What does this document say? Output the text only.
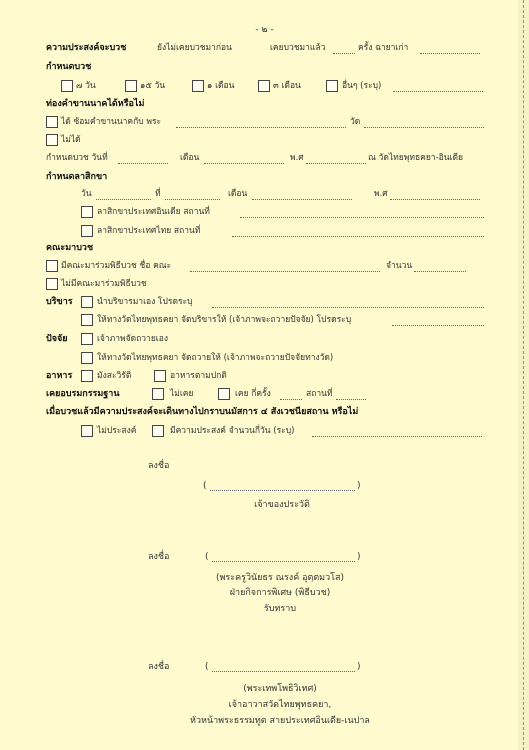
- ๒ -
ความประสงค์จะบวช	ยังไม่เคยบวชมาก่อน	เคยบวชมาแล้ว	ครั้ง ฉายาเก่า
กำหนดบวช
๗ วัน	๑๕ วัน	๑ เดือน	๓ เดือน	อื่นๆ (ระบุ)
ท่องคำขานนาคได้หรือไม่
ได้ ซ้อมคำขานนาคกับ พระ	วัด
ไม่ได้
กำหนดบวช วันที่	เดือน	พ.ศ	ณ วัดไทยพุทธคยา-อินเดีย
กำหนดลาสิกขา
วัน	ที่	เดือน	พ.ศ
ลาสิกขาประเทศอินเดีย สถานที่
ลาสิกขาประเทศไทย สถานที่
คณะมาบวช
มีคณะมาร่วมพิธีบวช ชื่อ คณะ	จำนวน
ไม่มีคณะมาร่วมพิธีบวช
บริขาร	นำบริขารมาเอง โปรดระบุ
ให้ทางวัดไทยพุทธคยา จัดบริขารให้ (เจ้าภาพจะถวายปัจจัย) โปรดระบุ
ปัจจัย	เจ้าภาพจัดถวายเอง
ให้ทางวัดไทยพุทธคยา จัดถวายให้ (เจ้าภาพจะถวายปัจจัยทางวัด)
อาหาร	มังสะวิรัติ	อาหารตามปกติ
เคยอบรมกรรมฐาน	ไม่เคย	เคย กี่ครั้ง	สถานที่
เมื่อบวชแล้วมีความประสงค์จะเดินทางไปกราบนมัสการ ๔ สังเวชนียสถาน หรือไม่
ไม่ประสงค์	มีความประสงค์ จำนวนกี่วัน (ระบุ)
ลงชื่อ
(	)
เจ้าของประวัติ
ลงชื่อ	(	)
(พระครูวินัยธร ณรงค์ อุตฺตมวโส)
ฝ่ายกิจการพิเศษ (พิธีบวช)
รับทราบ
ลงชื่อ	(	)
(พระเทพโพธิวิเทศ)
เจ้าอาวาสวัดไทยพุทธคยา,
หัวหน้าพระธรรมทูต สายประเทศอินเดีย-เนปาล
